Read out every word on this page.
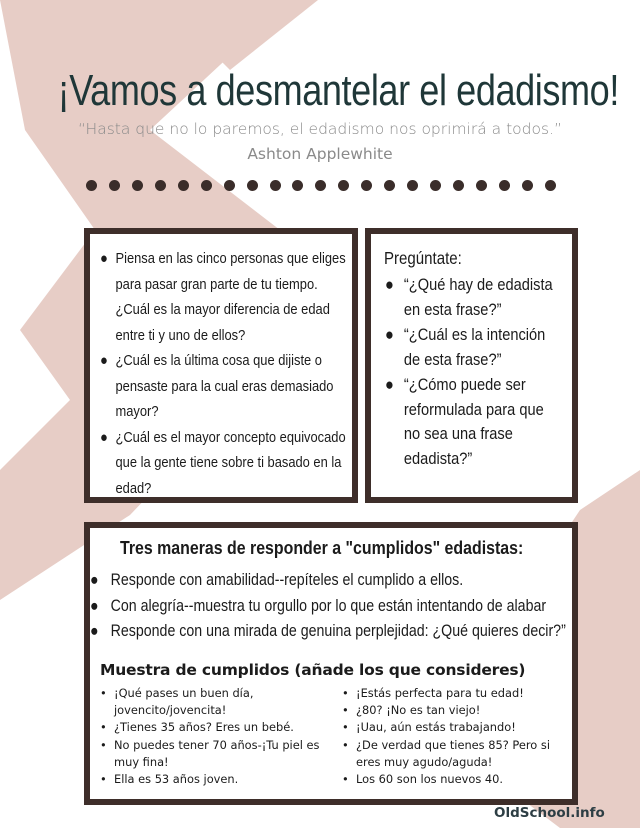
¡Vamos a desmantelar el edadismo!
“Hasta que no lo paremos, el edadismo nos oprimirá a todos.”
Ashton Applewhite
● Piensa en las cinco personas que eliges para pasar gran parte de tu tiempo. ¿Cuál es la mayor diferencia de edad entre ti y uno de ellos?
● ¿Cuál es la última cosa que dijiste o pensaste para la cual eras demasiado mayor?
● ¿Cuál es el mayor concepto equivocado que la gente tiene sobre ti basado en la edad?
Pregúntate:
● “¿Qué hay de edadista en esta frase?”
● “¿Cuál es la intención de esta frase?”
● “¿Cómo puede ser reformulada para que no sea una frase edadista?”
Tres maneras de responder a "cumplidos" edadistas:
● Responde con amabilidad--repíteles el cumplido a ellos.
● Con alegría--muestra tu orgullo por lo que están intentando de alabar
● Responde con una mirada de genuina perplejidad: ¿Qué quieres decir?”
Muestra de cumplidos (añade los que consideres)
• ¡Qué pases un buen día, jovencito/jovencita!
• ¿Tienes 35 años? Eres un bebé.
• No puedes tener 70 años-¡Tu piel es muy fina!
• Ella es 53 años joven.
• ¡Estás perfecta para tu edad!
• ¿80? ¡No es tan viejo!
• ¡Uau, aún estás trabajando!
• ¿De verdad que tienes 85? Pero si eres muy agudo/aguda!
• Los 60 son los nuevos 40.
OldSchool.info
